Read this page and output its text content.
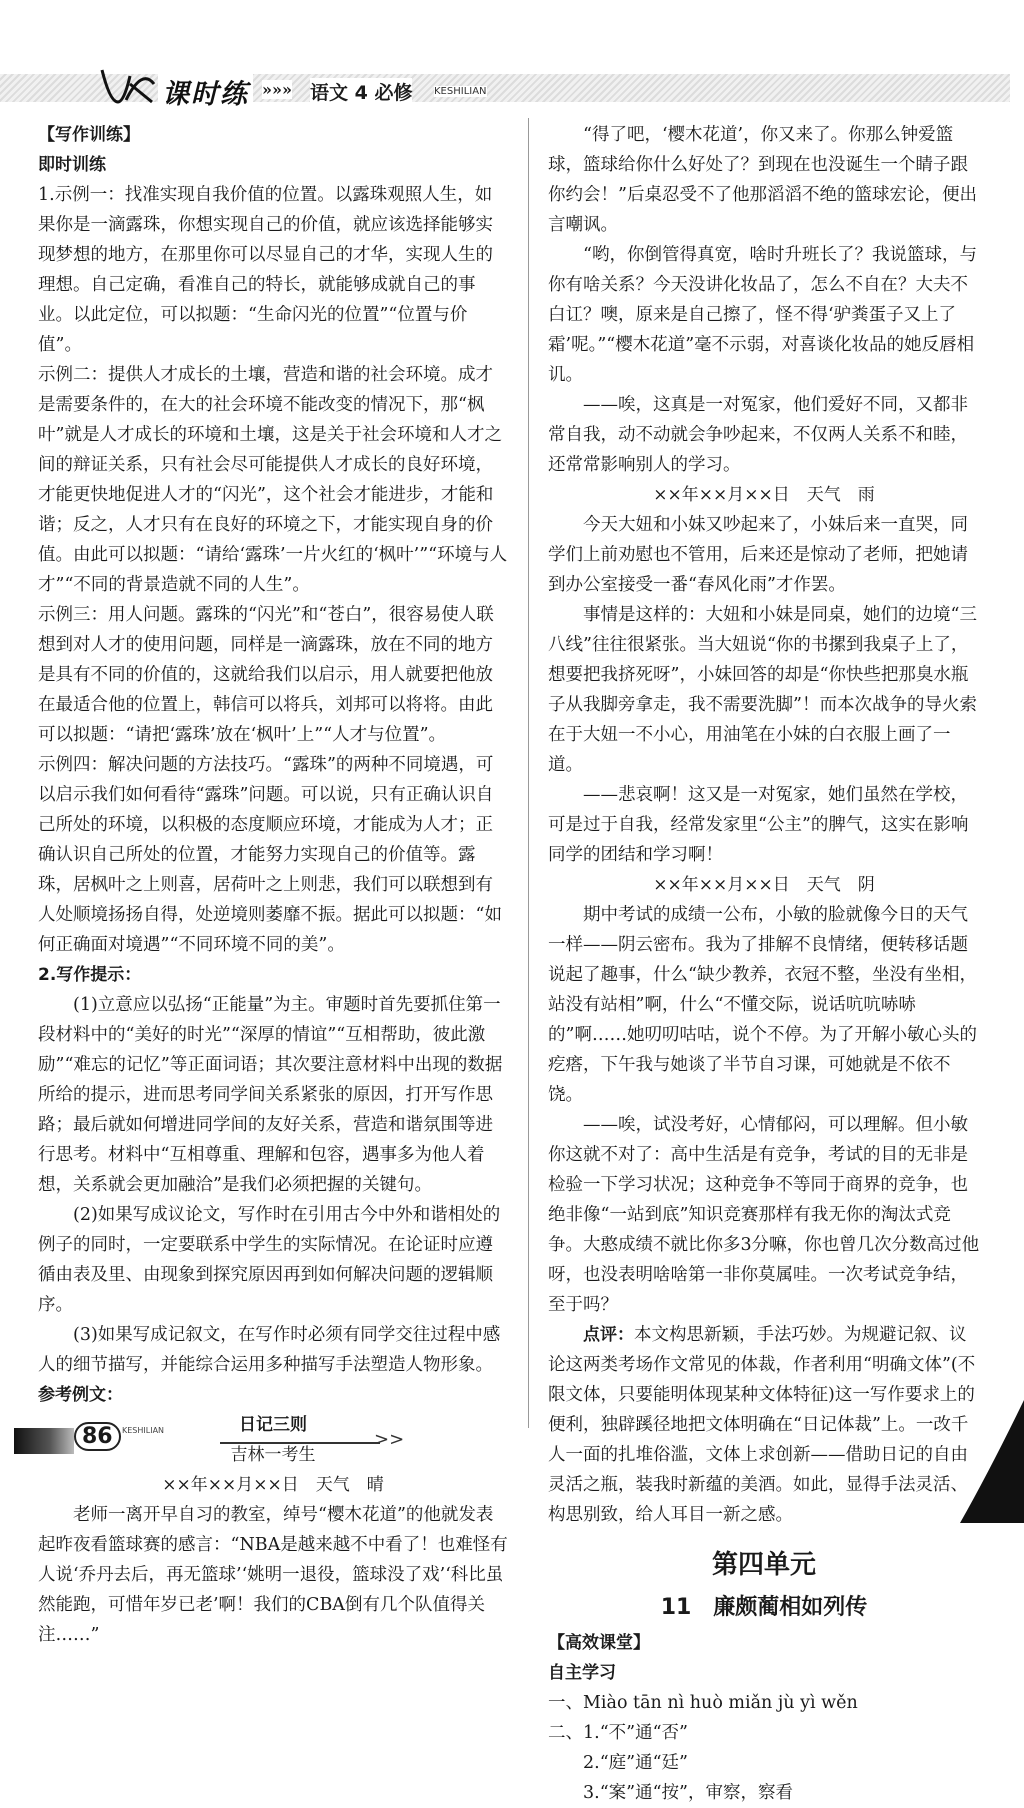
课时练 »»» 语文 4 必修 KESHILIAN

【写作训练】

即时训练

1.示例一：找准实现自我价值的位置。以露珠观照人生，如果你是一滴露珠，你想实现自己的价值，就应该选择能够实现梦想的地方，在那里你可以尽显自己的才华，实现人生的理想。自己定确，看准自己的特长，就能够成就自己的事业。以此定位，可以拟题：“生命闪光的位置”“位置与价值”。

示例二：提供人才成长的土壤，营造和谐的社会环境。成才是需要条件的，在大的社会环境不能改变的情况下，那“枫叶”就是人才成长的环境和土壤，这是关于社会环境和人才之间的辩证关系，只有社会尽可能提供人才成长的良好环境，才能更快地促进人才的“闪光”，这个社会才能进步，才能和谐；反之，人才只有在良好的环境之下，才能实现自身的价值。由此可以拟题：“请给‘露珠’一片火红的‘枫叶’”“环境与人才”“不同的背景造就不同的人生”。

示例三：用人问题。露珠的“闪光”和“苍白”，很容易使人联想到对人才的使用问题，同样是一滴露珠，放在不同的地方是具有不同的价值的，这就给我们以启示，用人就要把他放在最适合他的位置上，韩信可以将兵，刘邦可以将将。由此可以拟题：“请把‘露珠’放在‘枫叶’上”“人才与位置”。

示例四：解决问题的方法技巧。“露珠”的两种不同境遇，可以启示我们如何看待“露珠”问题。可以说，只有正确认识自己所处的环境，以积极的态度顺应环境，才能成为人才；正确认识自己所处的位置，才能努力实现自己的价值等。露珠，居枫叶之上则喜，居荷叶之上则悲，我们可以联想到有人处顺境扬扬自得，处逆境则萎靡不振。据此可以拟题：“如何正确面对境遇”“不同环境不同的美”。

2.写作提示：

(1)立意应以弘扬“正能量”为主。审题时首先要抓住第一段材料中的“美好的时光”“深厚的情谊”“互相帮助，彼此激励”“难忘的记忆”等正面词语；其次要注意材料中出现的数据所给的提示，进而思考同学间关系紧张的原因，打开写作思路；最后就如何增进同学间的友好关系，营造和谐氛围等进行思考。材料中“互相尊重、理解和包容，遇事多为他人着想，关系就会更加融洽”是我们必须把握的关键句。

(2)如果写成议论文，写作时在引用古今中外和谐相处的例子的同时，一定要联系中学生的实际情况。在论证时应遵循由表及里、由现象到探究原因再到如何解决问题的逻辑顺序。

(3)如果写成记叙文，在写作时必须有同学交往过程中感人的细节描写，并能综合运用多种描写手法塑造人物形象。

参考例文：

日记三则

吉林一考生

××年××月××日　天气　晴

老师一离开早自习的教室，绰号“樱木花道”的他就发表起昨夜看篮球赛的感言：“NBA是越来越不中看了！也难怪有人说‘乔丹去后，再无篮球’‘姚明一退役，篮球没了戏’‘科比虽然能跑，可惜年岁已老’啊！我们的CBA倒有几个队值得关注……”

“得了吧，‘樱木花道’，你又来了。你那么钟爱篮球，篮球给你什么好处了？到现在也没诞生一个睛子跟你约会！”后桌忍受不了他那滔滔不绝的篮球宏论，便出言嘲讽。

“哟，你倒管得真宽，啥时升班长了？我说篮球，与你有啥关系？今天没讲化妆品了，怎么不自在？大夫不白讧？噢，原来是自己擦了，怪不得‘驴粪蛋子又上了霜’呢。”“樱木花道”毫不示弱，对喜谈化妆品的她反唇相讥。

——唉，这真是一对冤家，他们爱好不同，又都非常自我，动不动就会争吵起来，不仅两人关系不和睦，还常常影响别人的学习。

××年××月××日　天气　雨

今天大妞和小妹又吵起来了，小妹后来一直哭，同学们上前劝慰也不管用，后来还是惊动了老师，把她请到办公室接受一番“春风化雨”才作罢。

事情是这样的：大妞和小妹是同桌，她们的边境“三八线”往往很紧张。当大妞说“你的书摞到我桌子上了，想要把我挤死呀”，小妹回答的却是“你快些把那臭水瓶子从我脚旁拿走，我不需要洗脚”！而本次战争的导火索在于大妞一不小心，用油笔在小妹的白衣服上画了一道。

——悲哀啊！这又是一对冤家，她们虽然在学校，可是过于自我，经常发家里“公主”的脾气，这实在影响同学的团结和学习啊！

××年××月××日　天气　阴

期中考试的成绩一公布，小敏的脸就像今日的天气一样——阴云密布。我为了排解不良情绪，便转移话题说起了趣事，什么“缺少教养，衣冠不整，坐没有坐相，站没有站相”啊，什么“不懂交际，说话吭吭哧哧的”啊……她叨叨咕咕，说个不停。为了开解小敏心头的疙瘩，下午我与她谈了半节自习课，可她就是不依不饶。

——唉，试没考好，心情郁闷，可以理解。但小敏你这就不对了：高中生活是有竞争，考试的目的无非是检验一下学习状况；这种竞争不等同于商界的竞争，也绝非像“一站到底”知识竞赛那样有我无你的淘汰式竞争。大憨成绩不就比你多3分嘛，你也曾几次分数高过他呀，也没表明啥啥第一非你莫属哇。一次考试竞争结，至于吗？

点评：本文构思新颖，手法巧妙。为规避记叙、议论这两类考场作文常见的体裁，作者利用“明确文体”(不限文体，只要能明体现某种文体特征)这一写作要求上的便利，独辟蹊径地把文体明确在“日记体裁”上。一改千人一面的扎堆俗滥，文体上求创新——借助日记的自由灵活之瓶，装我时新蕴的美酒。如此，显得手法灵活、构思别致，给人耳目一新之感。

第四单元

11　廉颇蔺相如列传

【高效课堂】

自主学习

一、Miào tān nì huò miǎn jù yì wěn

二、1.“不”通“否”

2.“庭”通“廷”

3.“案”通“按”，审察，察看

86	KESHILIAN	>>
